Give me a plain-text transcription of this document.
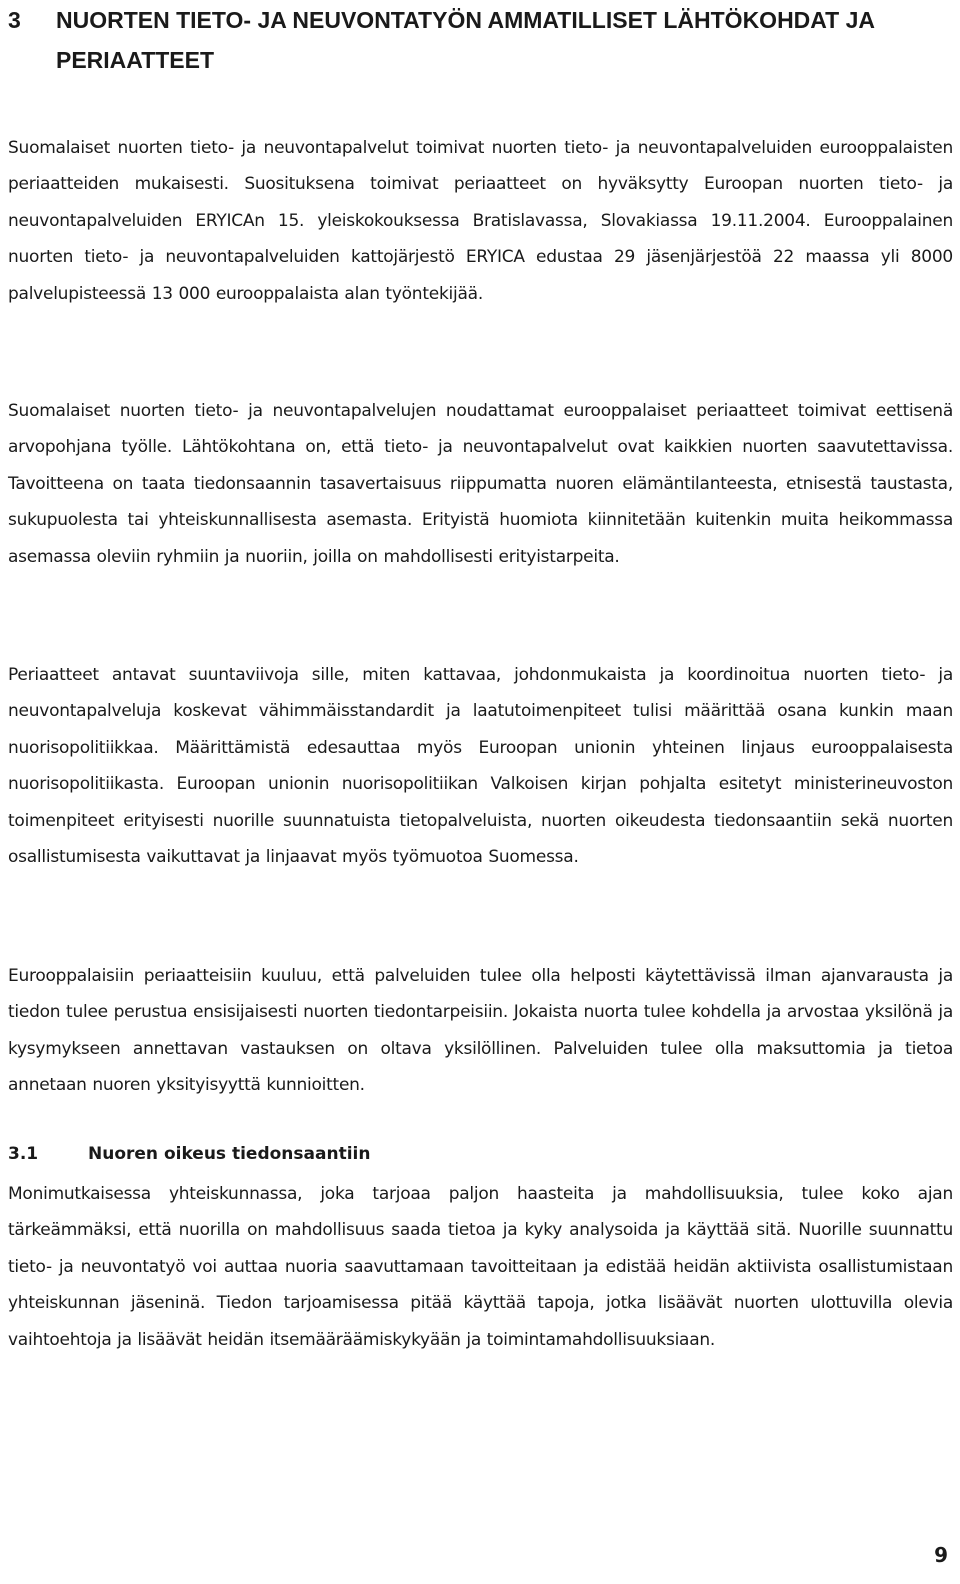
3	NUORTEN TIETO- JA NEUVONTATYÖN AMMATILLISET LÄHTÖKOHDAT JA PERIAATTEET

Suomalaiset nuorten tieto- ja neuvontapalvelut toimivat nuorten tieto- ja neuvontapalveluiden eurooppalaisten periaatteiden mukaisesti. Suosituksena toimivat periaatteet on hyväksytty Euroopan nuorten tieto- ja neuvontapalveluiden ERYICAn 15. yleiskokouksessa Bratislavassa, Slovakiassa 19.11.2004. Eurooppalainen nuorten tieto- ja neuvontapalveluiden kattojärjestö ERYICA edustaa 29 jäsenjärjestöä 22 maassa yli 8000 palvelupisteessä 13 000 eurooppalaista alan työntekijää.

Suomalaiset nuorten tieto- ja neuvontapalvelujen noudattamat eurooppalaiset periaatteet toimivat eettisenä arvopohjana työlle. Lähtökohtana on, että tieto- ja neuvontapalvelut ovat kaikkien nuorten saavutettavissa. Tavoitteena on taata tiedonsaannin tasavertaisuus riippumatta nuoren elämäntilanteesta, etnisestä taustasta, sukupuolesta tai yhteiskunnallisesta asemasta. Erityistä huomiota kiinnitetään kuitenkin muita heikommassa asemassa oleviin ryhmiin ja nuoriin, joilla on mahdollisesti erityistarpeita.

Periaatteet antavat suuntaviivoja sille, miten kattavaa, johdonmukaista ja koordinoitua nuorten tieto- ja neuvontapalveluja koskevat vähimmäisstandardit ja laatutoimenpiteet tulisi määrittää osana kunkin maan nuorisopolitiikkaa. Määrittämistä edesauttaa myös Euroopan unionin yhteinen linjaus eurooppalaisesta nuorisopolitiikasta. Euroopan unionin nuorisopolitiikan Valkoisen kirjan pohjalta esitetyt ministerineuvoston toimenpiteet erityisesti nuorille suunnatuista tietopalveluista, nuorten oikeudesta tiedonsaantiin sekä nuorten osallistumisesta vaikuttavat ja linjaavat myös työmuotoa Suomessa.

Eurooppalaisiin periaatteisiin kuuluu, että palveluiden tulee olla helposti käytettävissä ilman ajanvarausta ja tiedon tulee perustua ensisijaisesti nuorten tiedontarpeisiin. Jokaista nuorta tulee kohdella ja arvostaa yksilönä ja kysymykseen annettavan vastauksen on oltava yksilöllinen. Palveluiden tulee olla maksuttomia ja tietoa annetaan nuoren yksityisyyttä kunnioitten.

3.1	Nuoren oikeus tiedonsaantiin

Monimutkaisessa yhteiskunnassa, joka tarjoaa paljon haasteita ja mahdollisuuksia, tulee koko ajan tärkeämmäksi, että nuorilla on mahdollisuus saada tietoa ja kyky analysoida ja käyttää sitä. Nuorille suunnattu tieto- ja neuvontatyö voi auttaa nuoria saavuttamaan tavoitteitaan ja edistää heidän aktiivista osallistumistaan yhteiskunnan jäseninä. Tiedon tarjoamisessa pitää käyttää tapoja, jotka lisäävät nuorten ulottuvilla olevia vaihtoehtoja ja lisäävät heidän itsemääräämiskykyään ja toimintamahdollisuuksiaan.

9
